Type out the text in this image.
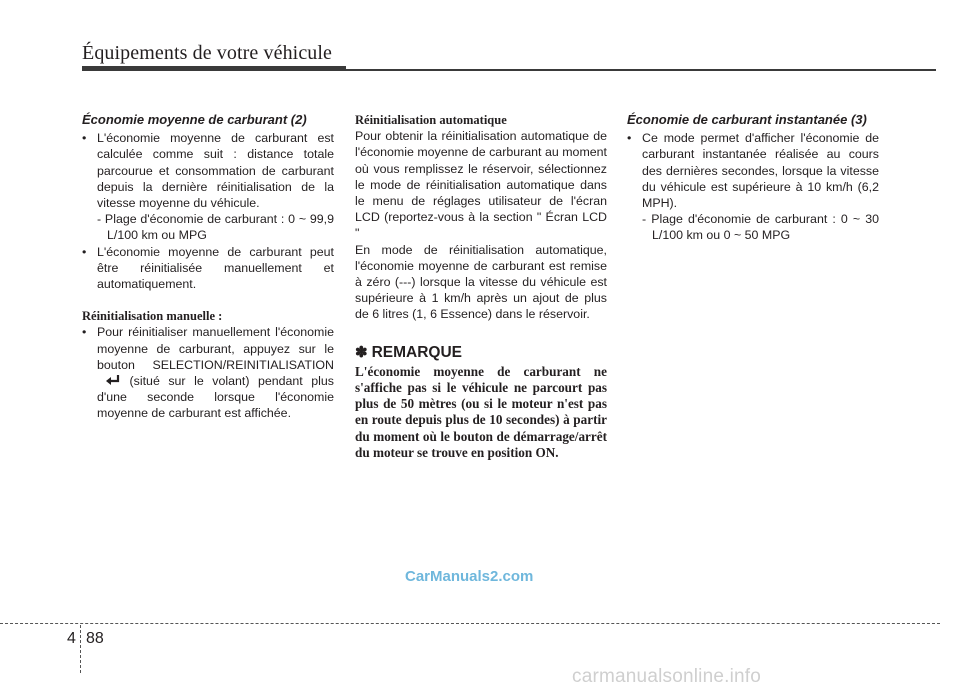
Équipements de votre véhicule

Économie moyenne de carburant (2)

• L'économie moyenne de carburant est calculée comme suit : distance totale parcourue et consommation de carburant depuis la dernière réinitialisation de la vitesse moyenne du véhicule.

- Plage d'économie de carburant : 0 ~ 99,9 L/100 km ou MPG

• L'économie moyenne de carburant peut être réinitialisée manuellement et automatiquement.

Réinitialisation manuelle :

• Pour réinitialiser manuellement l'économie moyenne de carburant, appuyez sur le bouton SELECTION/REINITIALISATION (situé sur le volant) pendant plus d'une seconde lorsque l'économie moyenne de carburant est affichée.

Réinitialisation automatique

Pour obtenir la réinitialisation automatique de l'économie moyenne de carburant au moment où vous remplissez le réservoir, sélectionnez le mode de réinitialisation automatique dans le menu de réglages utilisateur de l'écran LCD (reportez-vous à la section " Écran LCD "

En mode de réinitialisation automatique, l'économie moyenne de carburant est remise à zéro (---) lorsque la vitesse du véhicule est supérieure à 1 km/h après un ajout de plus de 6 litres (1, 6 Essence) dans le réservoir.

✽ REMARQUE

L'économie moyenne de carburant ne s'affiche pas si le véhicule ne parcourt pas plus de 50 mètres (ou si le moteur n'est pas en route depuis plus de 10 secondes) à partir du moment où le bouton de démarrage/arrêt du moteur se trouve en position ON.

Économie de carburant instantanée (3)

• Ce mode permet d'afficher l'économie de carburant instantanée réalisée au cours des dernières secondes, lorsque la vitesse du véhicule est supérieure à 10 km/h (6,2 MPH).

- Plage d'économie de carburant : 0 ~ 30 L/100 km ou 0 ~ 50 MPG

CarManuals2.com
4 88
carmanualsonline.info
